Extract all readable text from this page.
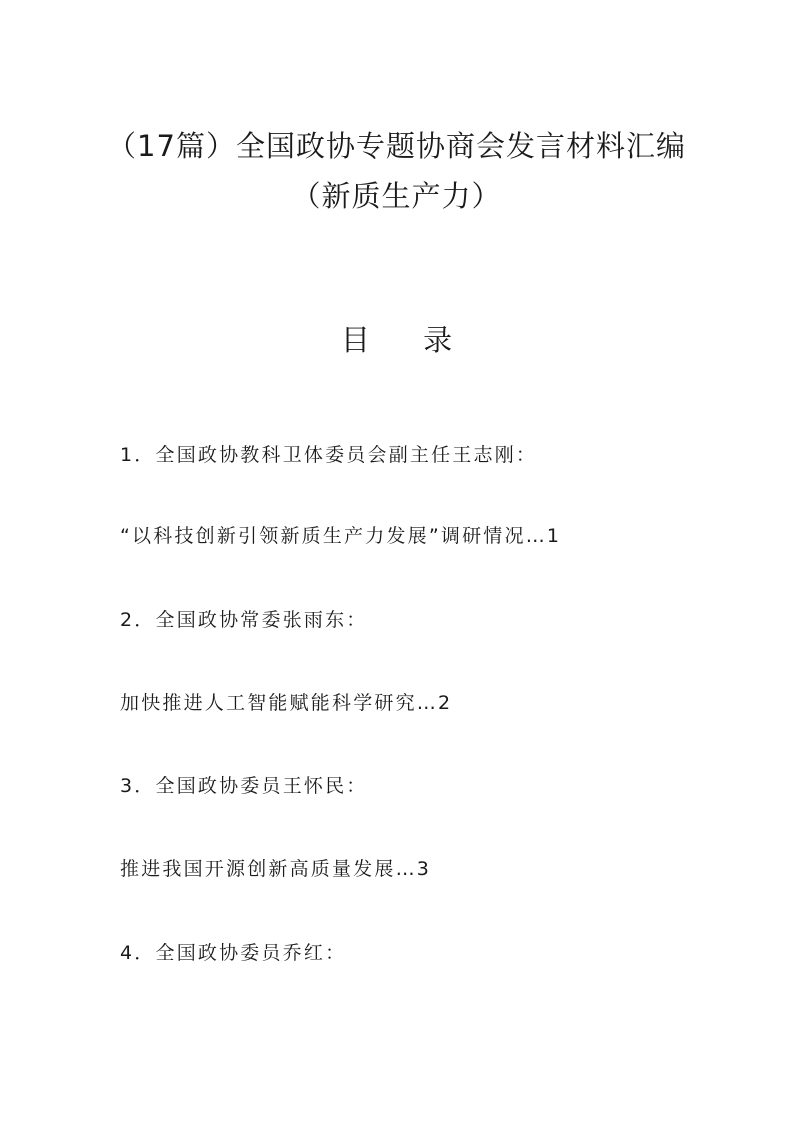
（17篇）全国政协专题协商会发言材料汇编
（新质生产力）
目 录
1．全国政协教科卫体委员会副主任王志刚：
“以科技创新引领新质生产力发展”调研情况…1
2．全国政协常委张雨东：
加快推进人工智能赋能科学研究…2
3．全国政协委员王怀民：
推进我国开源创新高质量发展…3
4．全国政协委员乔红：
